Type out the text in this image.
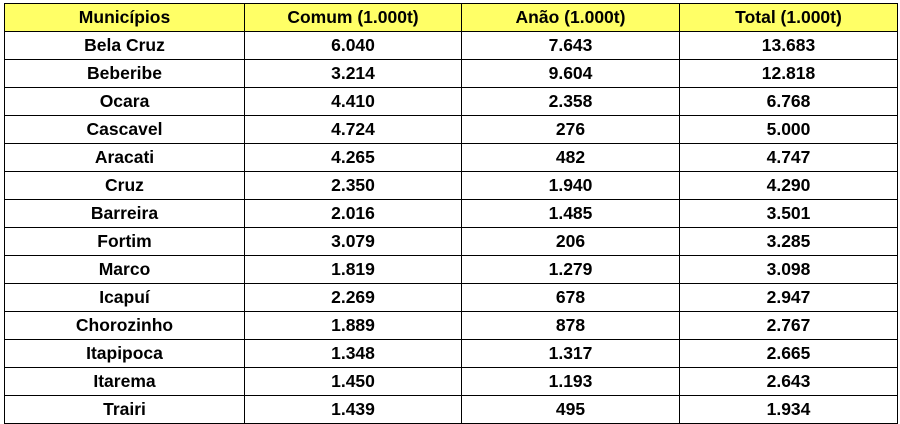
Municípios	Comum (1.000t)	Anão (1.000t)	Total (1.000t)
Bela Cruz	6.040	7.643	13.683
Beberibe	3.214	9.604	12.818
Ocara	4.410	2.358	6.768
Cascavel	4.724	276	5.000
Aracati	4.265	482	4.747
Cruz	2.350	1.940	4.290
Barreira	2.016	1.485	3.501
Fortim	3.079	206	3.285
Marco	1.819	1.279	3.098
Icapuí	2.269	678	2.947
Chorozinho	1.889	878	2.767
Itapipoca	1.348	1.317	2.665
Itarema	1.450	1.193	2.643
Trairi	1.439	495	1.934
